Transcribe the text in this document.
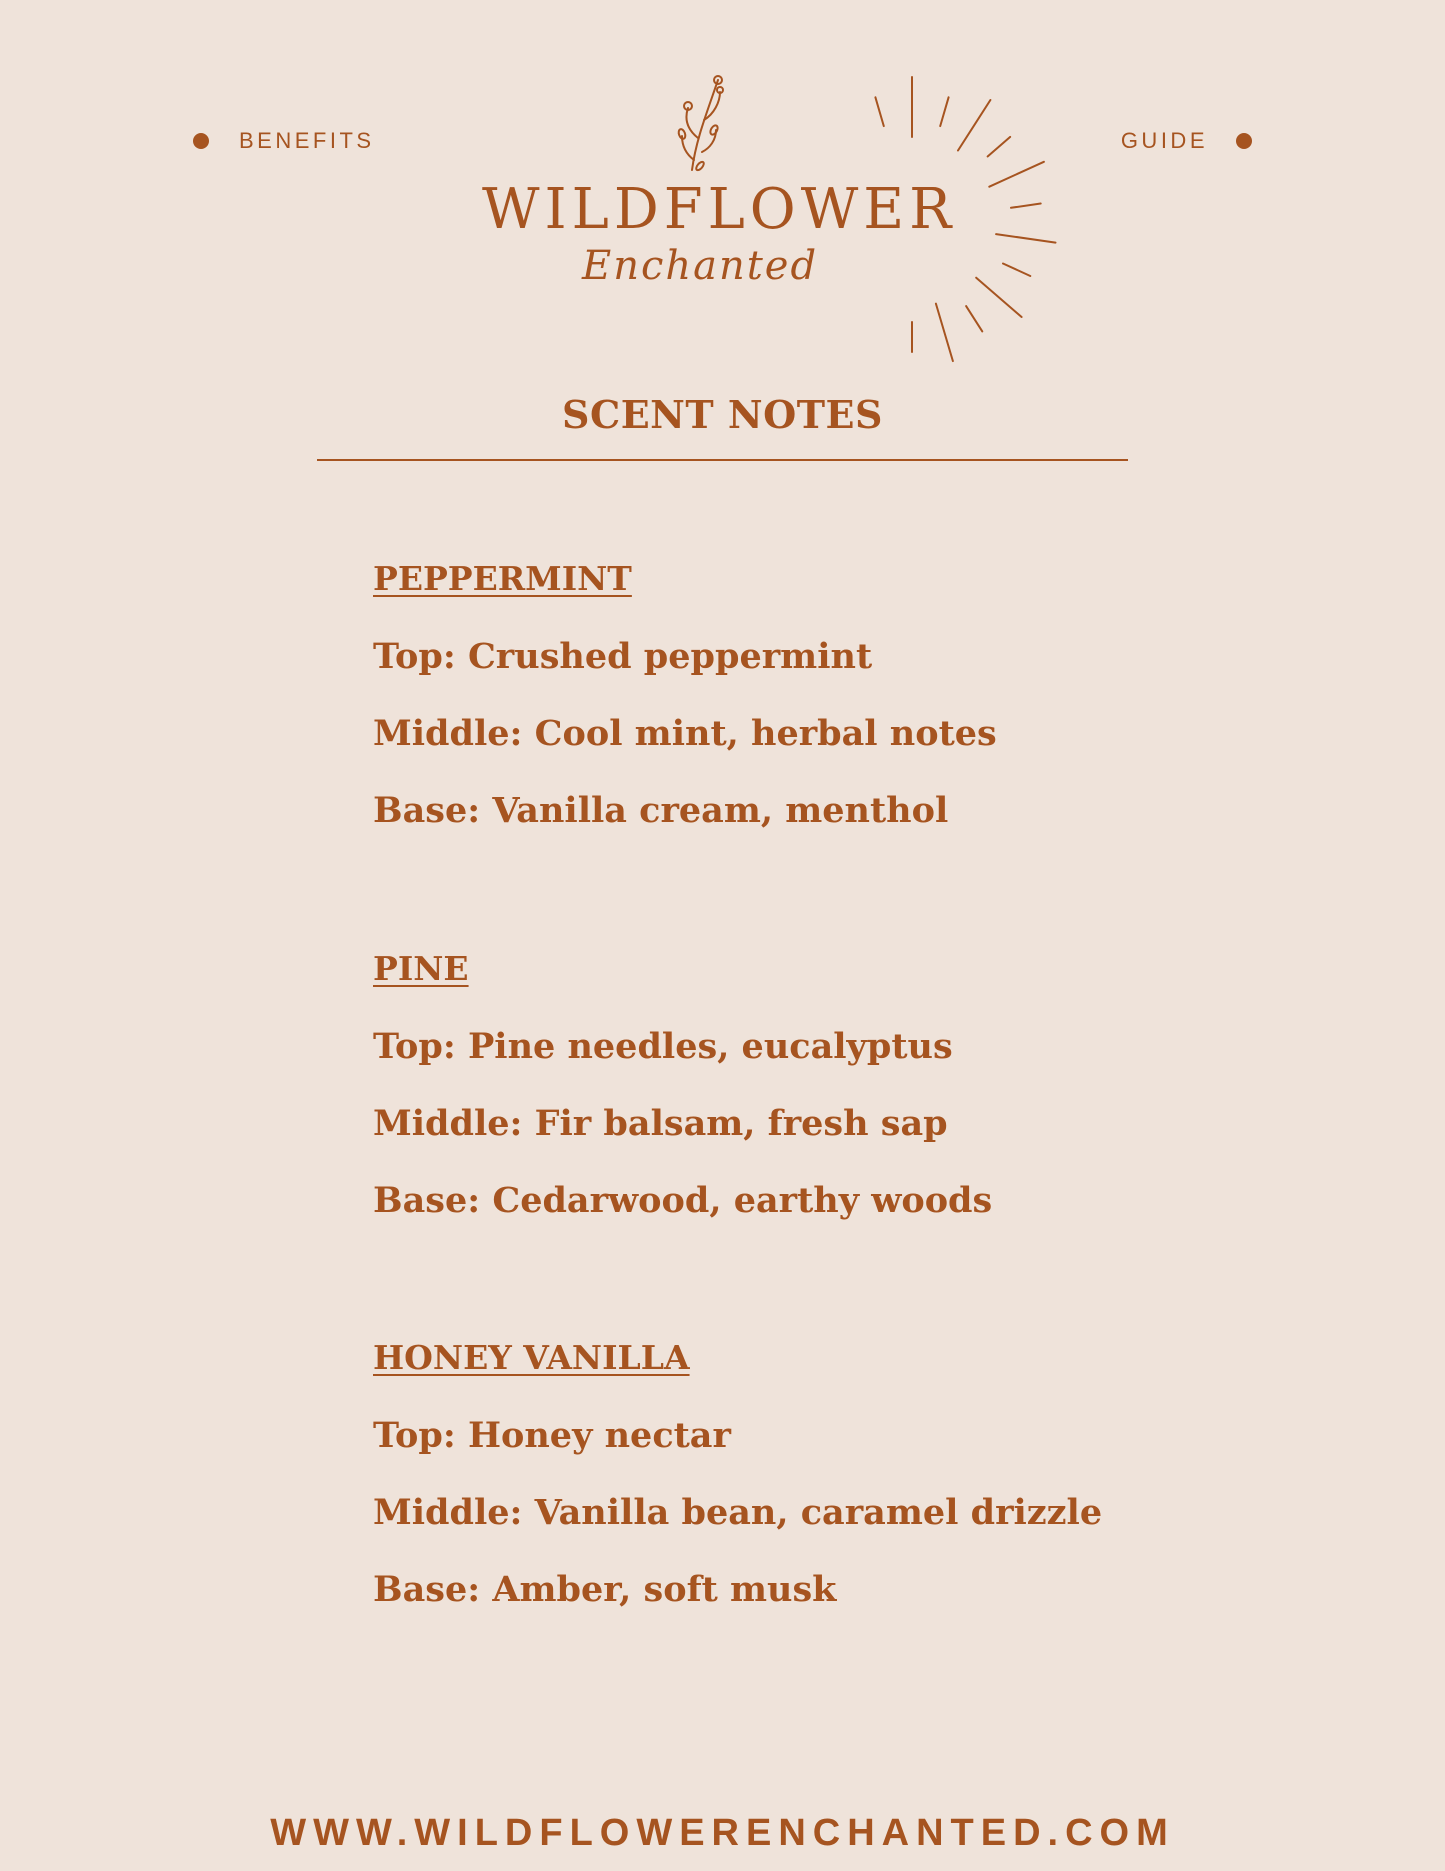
BENEFITS	GUIDE
WILDFLOWER
Enchanted
SCENT NOTES

PEPPERMINT

Top: Crushed peppermint

Middle: Cool mint, herbal notes

Base: Vanilla cream, menthol

PINE

Top: Pine needles, eucalyptus

Middle: Fir balsam, fresh sap

Base: Cedarwood, earthy woods

HONEY VANILLA

Top: Honey nectar

Middle: Vanilla bean, caramel drizzle

Base: Amber, soft musk

WWW.WILDFLOWERENCHANTED.COM
